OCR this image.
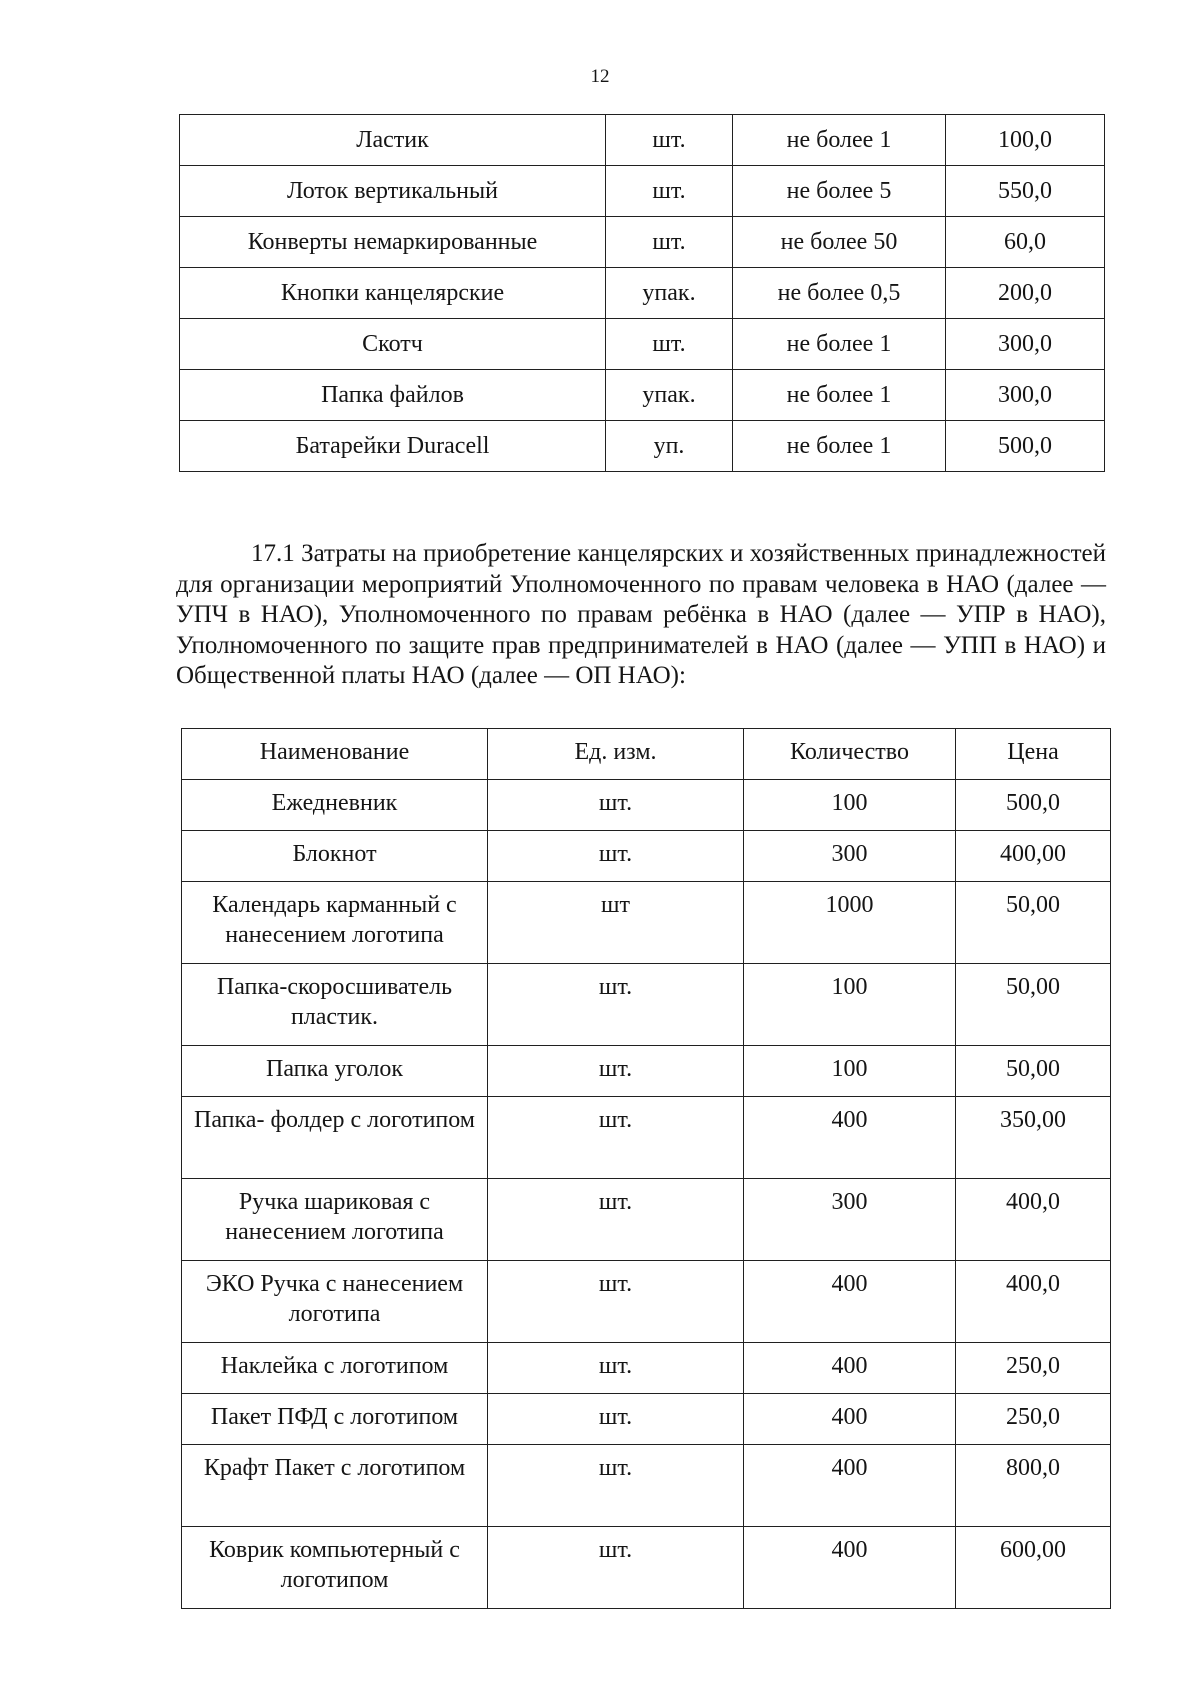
12
Ластик	шт.	не более 1	100,0
Лоток вертикальный	шт.	не более 5	550,0
Конверты немаркированные	шт.	не более 50	60,0
Кнопки канцелярские	упак.	не более 0,5	200,0
Скотч	шт.	не более 1	300,0
Папка файлов	упак.	не более 1	300,0
Батарейки Duracell	уп.	не более 1	500,0

17.1 Затраты на приобретение канцелярских и хозяйственных принадлежностей для организации мероприятий Уполномоченного по правам человека в НАО (далее — УПЧ в НАО), Уполномоченного по правам ребёнка в НАО (далее — УПР в НАО), Уполномоченного по защите прав предпринимателей в НАО (далее — УПП в НАО) и Общественной платы НАО (далее — ОП НАО):

Наименование	Ед. изм.	Количество	Цена
Ежедневник	шт.	100	500,0
Блокнот	шт.	300	400,00
Календарь карманный с нанесением логотипа	шт	1000	50,00
Папка-скоросшиватель пластик.	шт.	100	50,00
Папка уголок	шт.	100	50,00
Папка- фолдер с логотипом	шт.	400	350,00
Ручка шариковая с нанесением логотипа	шт.	300	400,0
ЭКО Ручка с нанесением логотипа	шт.	400	400,0
Наклейка с логотипом	шт.	400	250,0
Пакет ПФД с логотипом	шт.	400	250,0
Крафт Пакет с логотипом	шт.	400	800,0
Коврик компьютерный с логотипом	шт.	400	600,00
